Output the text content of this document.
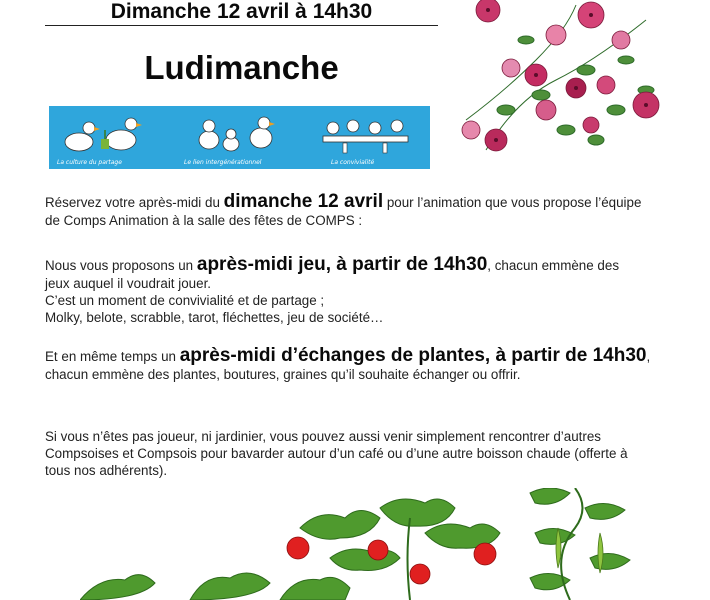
Dimanche 12 avril à 14h30
Ludimanche
La culture du partage	Le lien intergénérationnel	La convivialité

Réservez votre après-midi du dimanche 12 avril pour l’animation que vous propose l’équipe de Comps Animation à la salle des fêtes de COMPS :

Nous vous proposons un après-midi jeu, à partir de 14h30, chacun emmène des jeux auquel il voudrait jouer.
C’est un moment de convivialité et de partage ;
Molky, belote, scrabble, tarot, fléchettes, jeu de société…

Et en même temps un après-midi d’échanges de plantes, à partir de 14h30, chacun emmène des plantes, boutures, graines qu’il souhaite échanger ou offrir.

Si vous n’êtes pas joueur, ni jardinier, vous pouvez aussi venir simplement rencontrer d’autres Compsoises et Compsois pour bavarder autour d’un café ou d’une autre boisson chaude (offerte à tous nos adhérents).
